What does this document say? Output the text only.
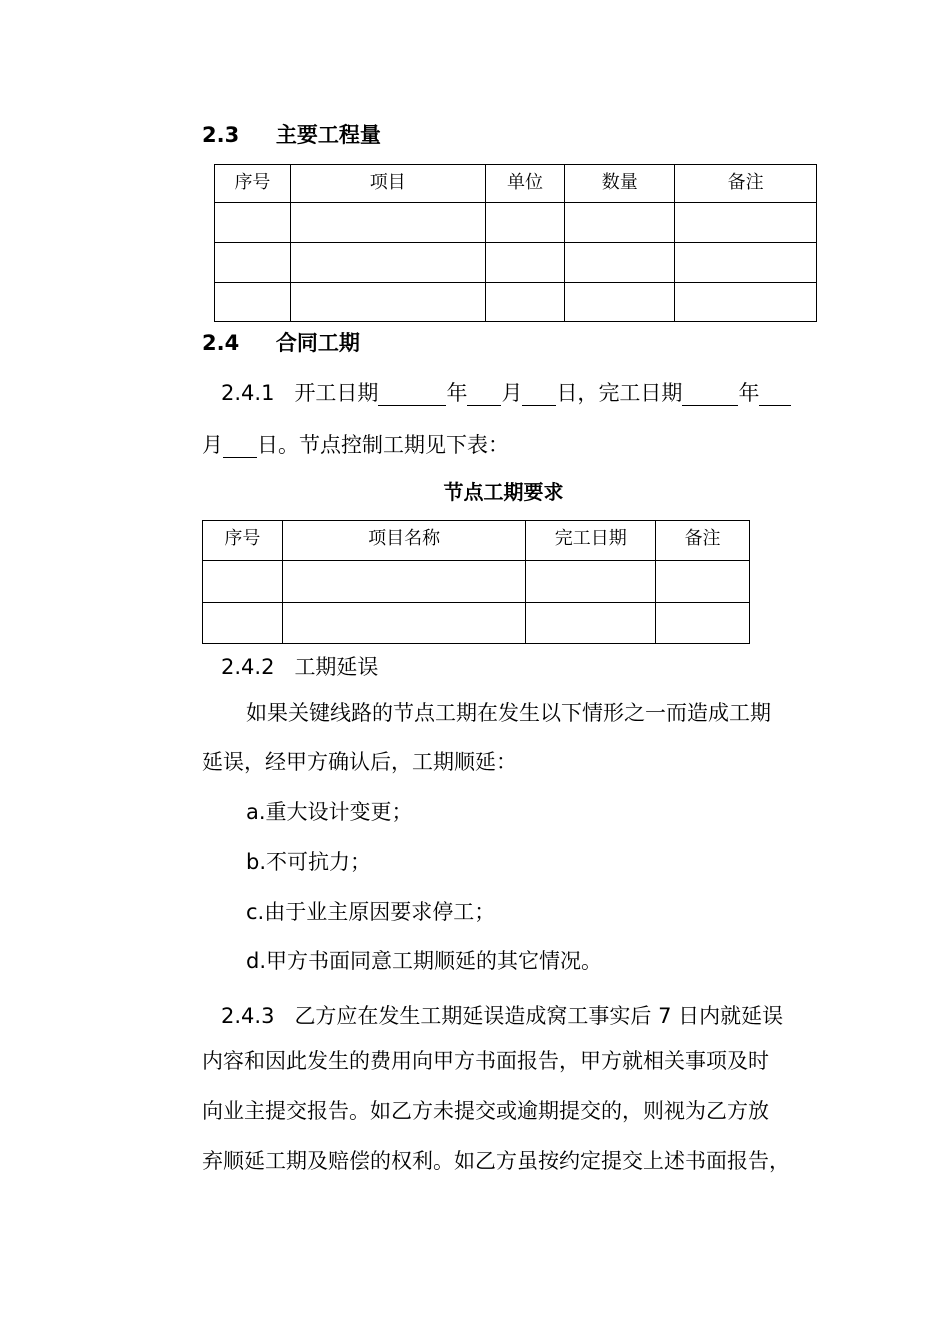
2.3 主要工程量
序号	项目	单位	数量	备注

2.4 合同工期
2.4.1 开工日期	年 月 日，完工日期	年
月 日。节点控制工期见下表：
节点工期要求
序号	项目名称	完工日期	备注

2.4.2 工期延误
如果关键线路的节点工期在发生以下情形之一而造成工期
延误，经甲方确认后，工期顺延：
a.重大设计变更；
b.不可抗力；
c.由于业主原因要求停工；
d.甲方书面同意工期顺延的其它情况。
2.4.3 乙方应在发生工期延误造成窝工事实后 7 日内就延误
内容和因此发生的费用向甲方书面报告，甲方就相关事项及时
向业主提交报告。如乙方未提交或逾期提交的，则视为乙方放
弃顺延工期及赔偿的权利。如乙方虽按约定提交上述书面报告，
